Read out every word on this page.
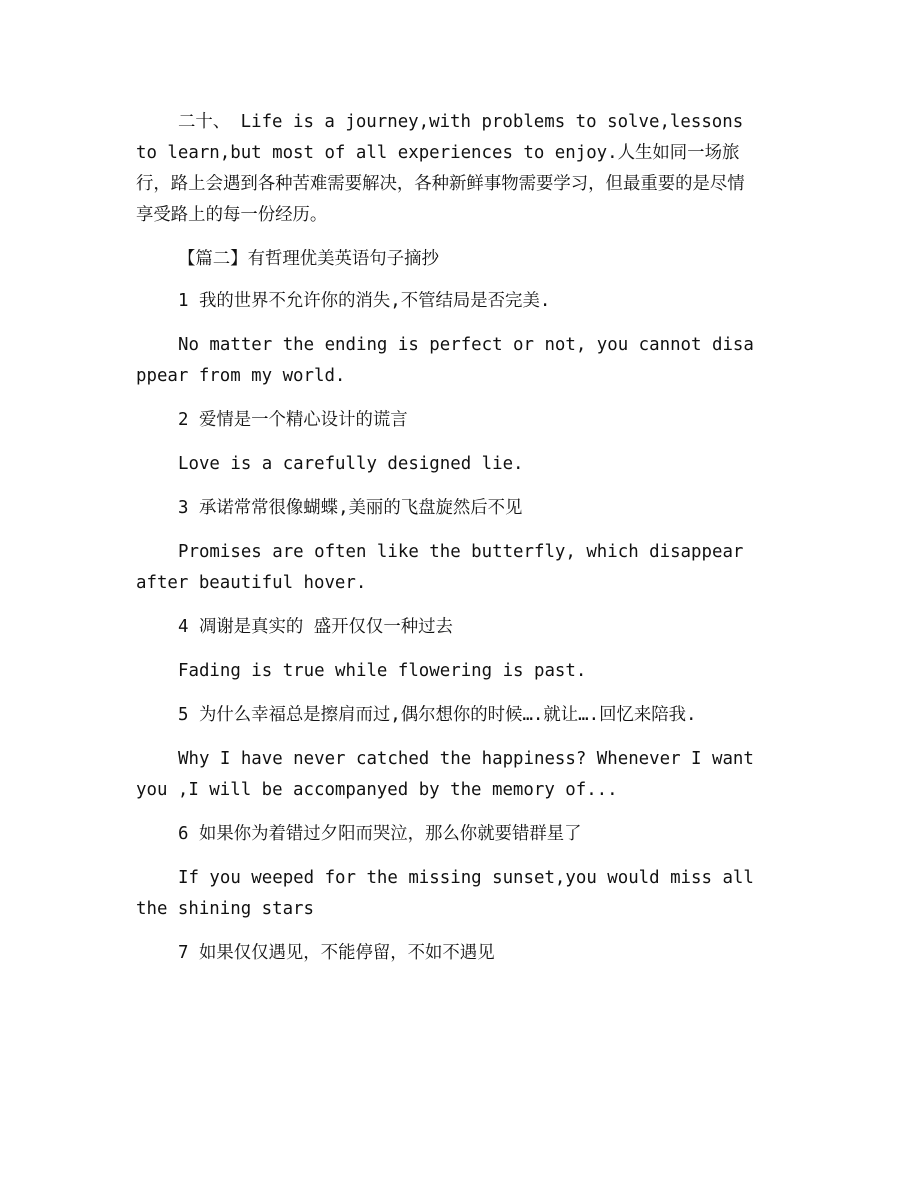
二十、 Life is a journey,with problems to solve,lessons to learn,but most of all experiences to enjoy.人生如同一场旅行，路上会遇到各种苦难需要解决，各种新鲜事物需要学习，但最重要的是尽情享受路上的每一份经历。

【篇二】有哲理优美英语句子摘抄

1 我的世界不允许你的消失,不管结局是否完美.

No matter the ending is perfect or not, you cannot disappear from my world.

2 爱情是一个精心设计的谎言

Love is a carefully designed lie.

3 承诺常常很像蝴蝶,美丽的飞盘旋然后不见

Promises are often like the butterfly, which disappear after beautiful hover.

4 凋谢是真实的 盛开仅仅一种过去

Fading is true while flowering is past.

5 为什么幸福总是擦肩而过,偶尔想你的时候….就让….回忆来陪我.

Why I have never catched the happiness? Whenever I want you ,I will be accompanyed by the memory of...

6 如果你为着错过夕阳而哭泣，那么你就要错群星了

If you weeped for the missing sunset,you would miss all the shining stars

7 如果仅仅遇见，不能停留，不如不遇见
